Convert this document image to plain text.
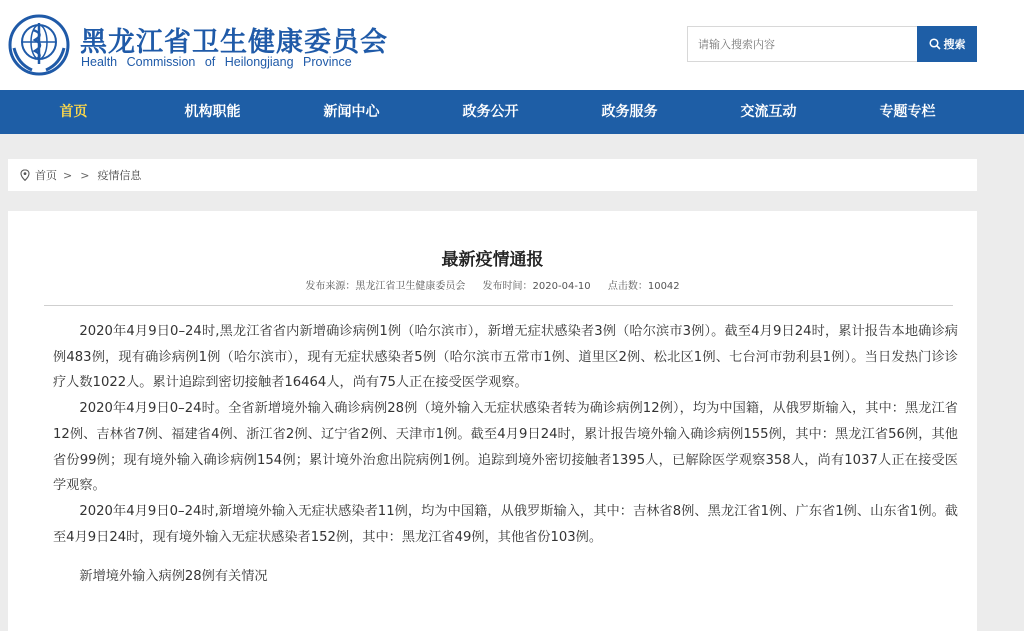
黑龙江省卫生健康委员会
Health Commission of Heilongjiang Province
请输入搜索内容
搜索
首页	机构职能	新闻中心	政务公开	政务服务	交流互动	专题专栏
首页 > > 疫情信息
最新疫情通报
发布来源：黑龙江省卫生健康委员会 发布时间：2020-04-10 点击数：10042

2020年4月9日0–24时,黑龙江省省内新增确诊病例1例（哈尔滨市），新增无症状感染者3例（哈尔滨市3例）。截至4月9日24时，累计报告本地确诊病例483例，现有确诊病例1例（哈尔滨市），现有无症状感染者5例（哈尔滨市五常市1例、道里区2例、松北区1例、七台河市勃利县1例）。当日发热门诊诊疗人数1022人。累计追踪到密切接触者16464人，尚有75人正在接受医学观察。

2020年4月9日0–24时。全省新增境外输入确诊病例28例（境外输入无症状感染者转为确诊病例12例），均为中国籍，从俄罗斯输入，其中：黑龙江省12例、吉林省7例、福建省4例、浙江省2例、辽宁省2例、天津市1例。截至4月9日24时，累计报告境外输入确诊病例155例，其中：黑龙江省56例，其他省份99例；现有境外输入确诊病例154例；累计境外治愈出院病例1例。追踪到境外密切接触者1395人，已解除医学观察358人，尚有1037人正在接受医学观察。

2020年4月9日0–24时,新增境外输入无症状感染者11例，均为中国籍，从俄罗斯输入，其中：吉林省8例、黑龙江省1例、广东省1例、山东省1例。截至4月9日24时，现有境外输入无症状感染者152例，其中：黑龙江省49例，其他省份103例。

新增境外输入病例28例有关情况
